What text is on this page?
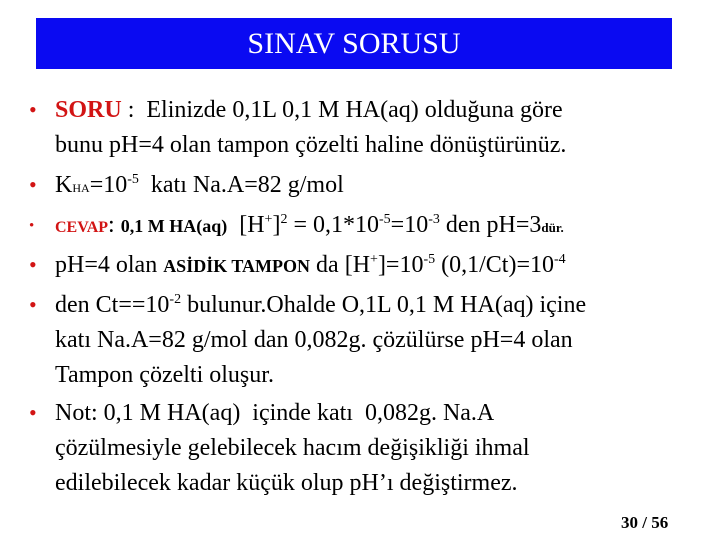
SINAV SORUSU
• SORU :  Elinizde 0,1L 0,1 M HA(aq) olduğuna göre
bunu pH=4 olan tampon çözelti haline dönüştürünüz.
• $KHA=10^{-5}$  katı Na.A=82 g/mol
• CEVAP: 0,1 M HA(aq)  $[H^+]^2 = 0,1*10^{-5}=10^{-3}$ den pH=3dür.
• pH=4 olan ASİDİK TAMPON da $[H^+]=10^{-5}$ $(0,1/Ct)=10^{-4}$
• den $Ct==10^{-2}$ bulunur.Ohalde O,1L 0,1 M HA(aq) içine
katı Na.A=82 g/mol dan 0,082g. çözülürse pH=4 olan
Tampon çözelti oluşur.
• Not: 0,1 M HA(aq)  içinde katı  0,082g. Na.A
çözülmesiyle gelebilecek hacım değişikliği ihmal
edilebilecek kadar küçük olup pH’ı değiştirmez.
30 / 56
